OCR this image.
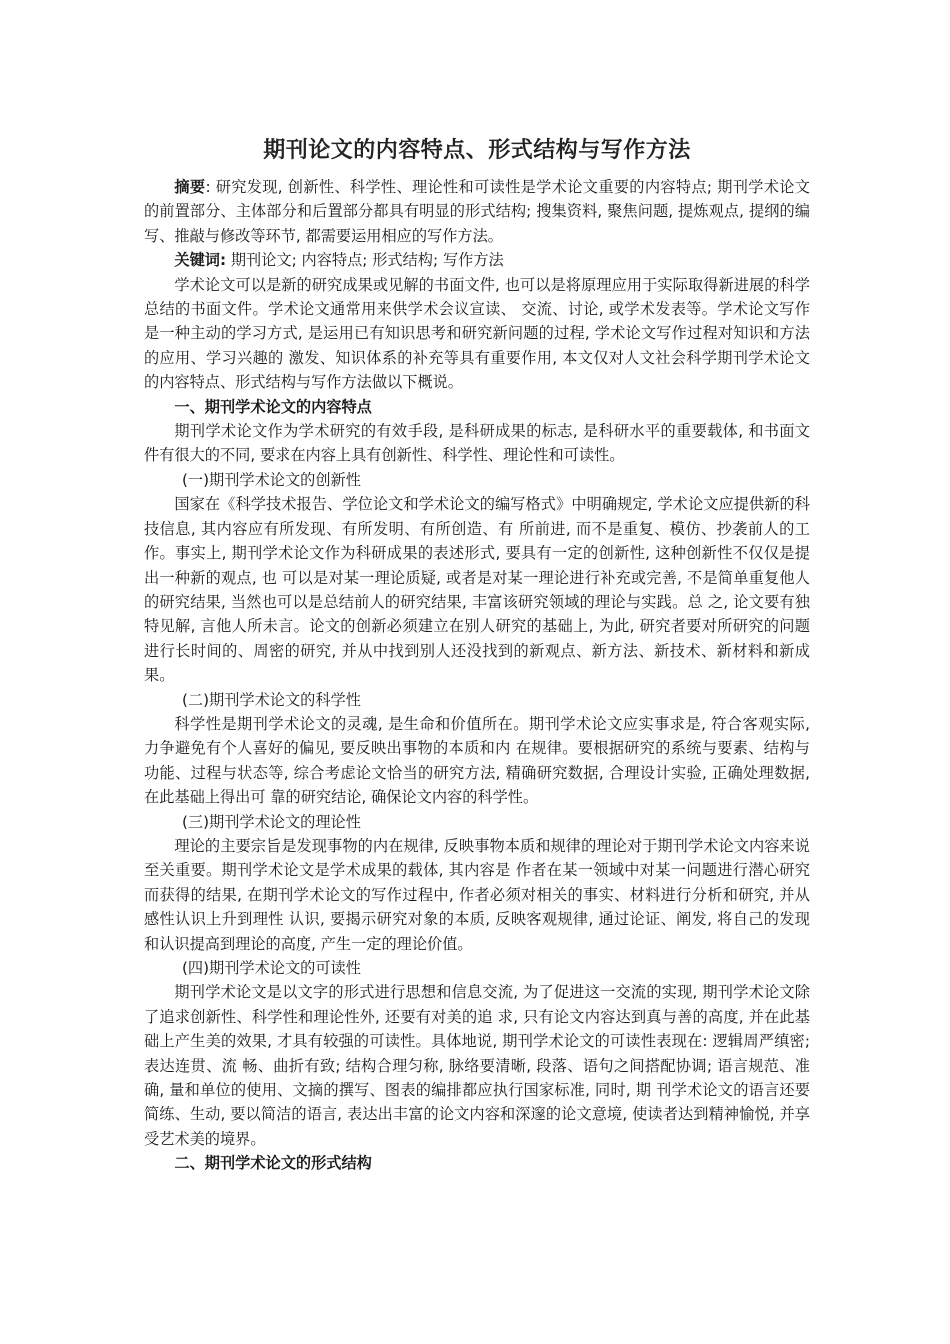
期刊论文的内容特点、形式结构与写作方法

摘要: 研究发现, 创新性、科学性、理论性和可读性是学术论文重要的内容特点; 期刊学术论文的前置部分、主体部分和后置部分都具有明显的形式结构; 搜集资料, 聚焦问题, 提炼观点, 提纲的编写、推敲与修改等环节, 都需要运用相应的写作方法。

关键词: 期刊论文; 内容特点; 形式结构; 写作方法

学术论文可以是新的研究成果或见解的书面文件, 也可以是将原理应用于实际取得新进展的科学总结的书面文件。学术论文通常用来供学术会议宣读、 交流、讨论, 或学术发表等。学术论文写作是一种主动的学习方式, 是运用已有知识思考和研究新问题的过程, 学术论文写作过程对知识和方法的应用、学习兴趣的 激发、知识体系的补充等具有重要作用, 本文仅对人文社会科学期刊学术论文的内容特点、形式结构与写作方法做以下概说。

一、期刊学术论文的内容特点

期刊学术论文作为学术研究的有效手段, 是科研成果的标志, 是科研水平的重要载体, 和书面文件有很大的不同, 要求在内容上具有创新性、科学性、理论性和可读性。

(一)期刊学术论文的创新性

国家在《科学技术报告、学位论文和学术论文的编写格式》中明确规定, 学术论文应提供新的科技信息, 其内容应有所发现、有所发明、有所创造、有 所前进, 而不是重复、模仿、抄袭前人的工作。事实上, 期刊学术论文作为科研成果的表述形式, 要具有一定的创新性, 这种创新性不仅仅是提出一种新的观点, 也 可以是对某一理论质疑, 或者是对某一理论进行补充或完善, 不是简单重复他人的研究结果, 当然也可以是总结前人的研究结果, 丰富该研究领域的理论与实践。总 之, 论文要有独特见解, 言他人所未言。论文的创新必须建立在别人研究的基础上, 为此, 研究者要对所研究的问题进行长时间的、周密的研究, 并从中找到别人还没找到的新观点、新方法、新技术、新材料和新成果。

(二)期刊学术论文的科学性

科学性是期刊学术论文的灵魂, 是生命和价值所在。期刊学术论文应实事求是, 符合客观实际, 力争避免有个人喜好的偏见, 要反映出事物的本质和内 在规律。要根据研究的系统与要素、结构与功能、过程与状态等, 综合考虑论文恰当的研究方法, 精确研究数据, 合理设计实验, 正确处理数据, 在此基础上得出可 靠的研究结论, 确保论文内容的科学性。

(三)期刊学术论文的理论性

理论的主要宗旨是发现事物的内在规律, 反映事物本质和规律的理论对于期刊学术论文内容来说至关重要。期刊学术论文是学术成果的载体, 其内容是 作者在某一领域中对某一问题进行潜心研究而获得的结果, 在期刊学术论文的写作过程中, 作者必须对相关的事实、材料进行分析和研究, 并从感性认识上升到理性 认识, 要揭示研究对象的本质, 反映客观规律, 通过论证、阐发, 将自己的发现和认识提高到理论的高度, 产生一定的理论价值。

(四)期刊学术论文的可读性

期刊学术论文是以文字的形式进行思想和信息交流, 为了促进这一交流的实现, 期刊学术论文除了追求创新性、科学性和理论性外, 还要有对美的追 求, 只有论文内容达到真与善的高度, 并在此基础上产生美的效果, 才具有较强的可读性。具体地说, 期刊学术论文的可读性表现在: 逻辑周严缜密; 表达连贯、流 畅、曲折有致; 结构合理匀称, 脉络要清晰, 段落、语句之间搭配协调; 语言规范、准确, 量和单位的使用、文摘的撰写、图表的编排都应执行国家标准, 同时, 期 刊学术论文的语言还要简练、生动, 要以简洁的语言, 表达出丰富的论文内容和深邃的论文意境, 使读者达到精神愉悦, 并享受艺术美的境界。

二、期刊学术论文的形式结构
